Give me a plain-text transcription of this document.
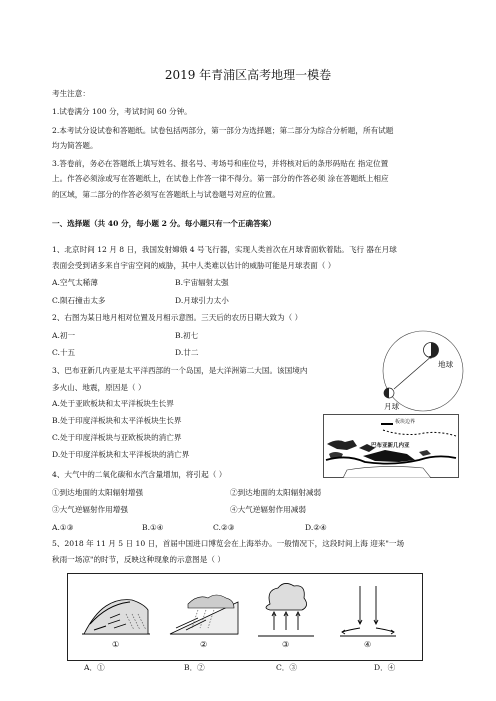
2019 年青浦区高考地理一模卷
考生注意：
1.试卷满分 100 分，考试时间 60 分钟。
2.本考试分设试卷和答题纸。试卷包括两部分，第一部分为选择题；第二部分为综合分析题，所有试题
均为简答题。
3.答卷前，务必在答题纸上填写姓名、报名号、考场号和座位号，并将核对后的条形码贴在 指定位置
上。作答必须涂或写在答题纸上，在试卷上作答一律不得分。第一部分的作答必须 涂在答题纸上相应
的区域，第二部分的作答必须写在答题纸上与试卷题号对应的位置。
一、选择题（共 40 分，每小题 2 分。每小题只有一个正确答案）
1、北京时间 12 月 8 日，我国发射嫦娥 4 号飞行器，实现人类首次在月球背面软着陆。飞行 器在月球
表面会受到诸多来自宇宙空间的威胁，其中人类难以估计的威胁可能是月球表面（ ）
A.空气太稀薄	B.宇宙辐射太强
C.陨石撞击太多	D.月球引力太小
2、右图为某日地月相对位置及月相示意图。三天后的农历日期大致为（ ）
A.初一	B.初七
C.十五	D.廿二
地球
月球
3、巴布亚新几内亚是太平洋西部的一个岛国，是大洋洲第二大国。该国境内
多火山、地震，原因是（ ）
A.处于亚欧板块和太平洋板块生长界
B.处于印度洋板块和太平洋板块生长界
C.处于印度洋板块与亚欧板块的消亡界
D.处于印度洋板块和太平洋板块的消亡界
板块边界
巴布亚新几内亚
4、大气中的二氧化碳和水汽含量增加，将引起（ ）
①到达地面的太阳辐射增强	②到达地面的太阳辐射减弱
③大气逆辐射作用增强	④大气逆辐射作用减弱
A.①③	B.①④	C.②③	D.②④
5、2018 年 11 月 5 日 10 日，首届中国进口博览会在上海举办。一般情况下，这段时间上海 迎来"一场
秋雨一场凉"的时节，反映这种现象的示意图是（ ）
①	②	③	④
A．①	B．②	C．③	D．④
